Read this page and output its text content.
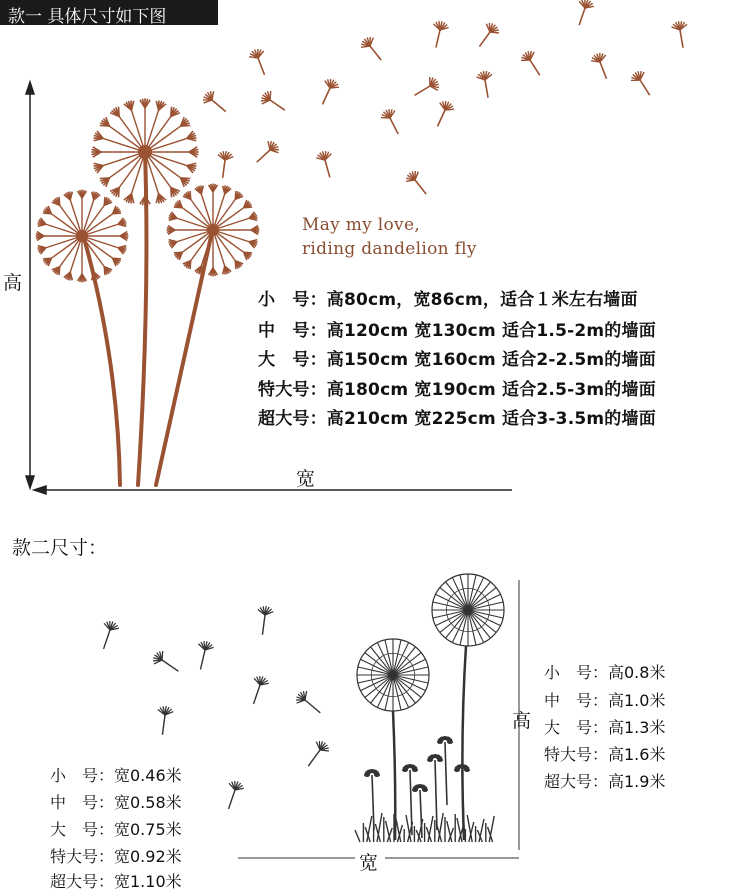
款一 具体尺寸如下图
高
宽
May my love,
riding dandelion fly
小　号：高80cm，宽86cm，适合１米左右墙面
中　号：高120cm 宽130cm 适合1.5-2m的墙面
大　号：高150cm 宽160cm 适合2-2.5m的墙面
特大号：高180cm 宽190cm 适合2.5-3m的墙面
超大号：高210cm 宽225cm 适合3-3.5m的墙面
款二尺寸：
高
宽
小　号：高0.8米
中　号：高1.0米
大　号：高1.3米
特大号：高1.6米
超大号：高1.9米
小　号：宽0.46米
中　号：宽0.58米
大　号：宽0.75米
特大号：宽0.92米
超大号：宽1.10米
